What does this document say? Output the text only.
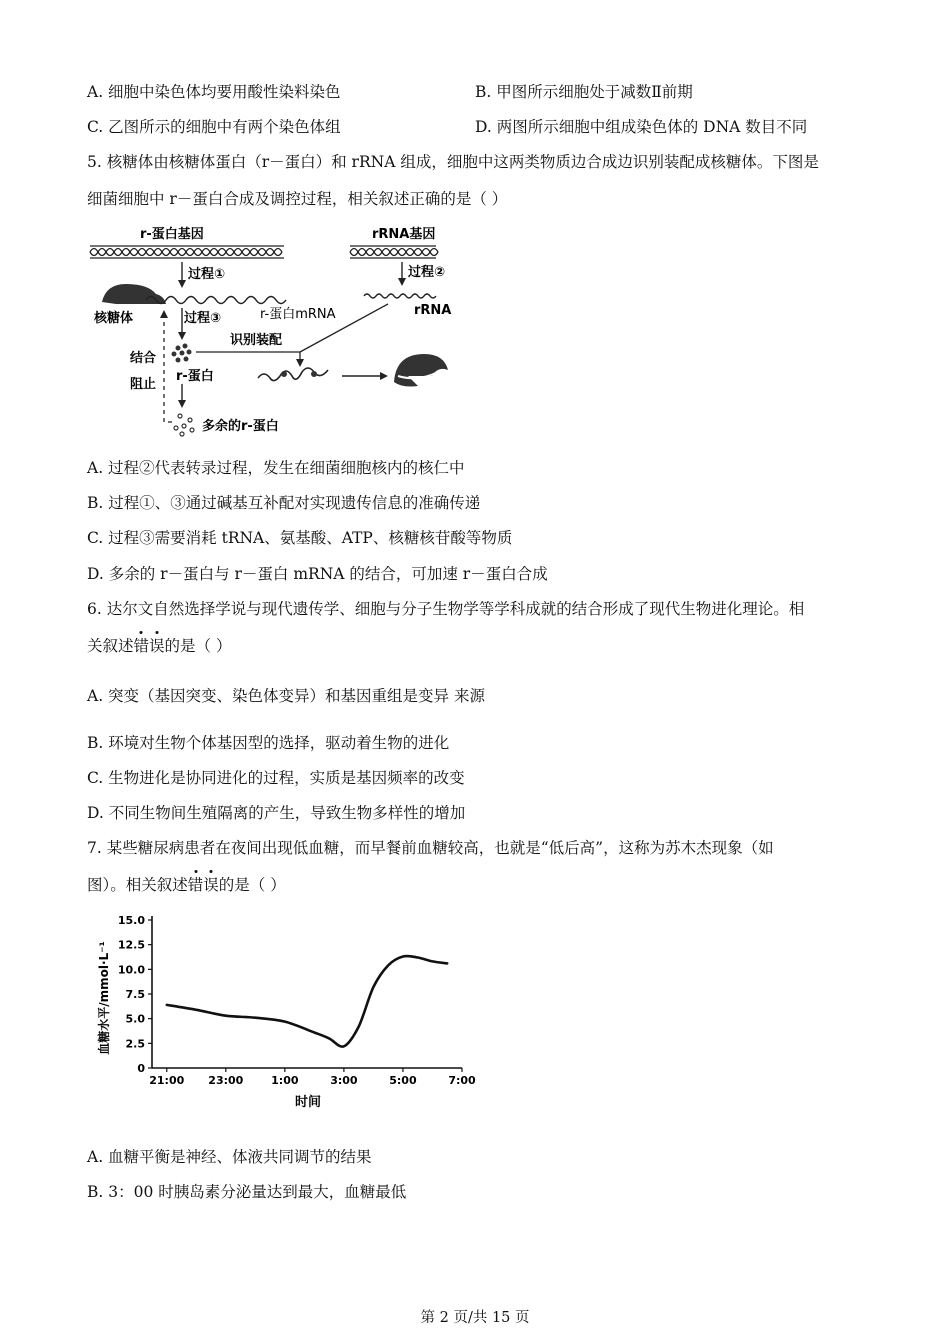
A. 细胞中染色体均要用酸性染料染色	B. 甲图所示细胞处于减数Ⅱ前期
C. 乙图所示的细胞中有两个染色体组	D. 两图所示细胞中组成染色体的 DNA 数目不同
5. 核糖体由核糖体蛋白（r－蛋白）和 rRNA 组成，细胞中这两类物质边合成边识别装配成核糖体。下图是
细菌细胞中 r－蛋白合成及调控过程，相关叙述正确的是（ ）
r-蛋白基因
过程①
rRNA基因
过程②
rRNA
核糖体	r-蛋白mRNA
过程③
结合
阻止
识别装配
r-蛋白
多余的r-蛋白
A. 过程②代表转录过程，发生在细菌细胞核内的核仁中
B. 过程①、③通过碱基互补配对实现遗传信息的准确传递
C. 过程③需要消耗 tRNA、氨基酸、ATP、核糖核苷酸等物质
D. 多余的 r－蛋白与 r－蛋白 mRNA 的结合，可加速 r－蛋白合成
6. 达尔文自然选择学说与现代遗传学、细胞与分子生物学等学科成就的结合形成了现代生物进化理论。相
关叙述错误的是（ ）
A. 突变（基因突变、染色体变异）和基因重组是变异 来源
B. 环境对生物个体基因型的选择，驱动着生物的进化
C. 生物进化是协同进化的过程，实质是基因频率的改变
D. 不同生物间生殖隔离的产生，导致生物多样性的增加
7. 某些糖尿病患者在夜间出现低血糖，而早餐前血糖较高，也就是“低后高”，这称为苏木杰现象（如
图）。相关叙述错误的是（ ）
0
2.5
5.0
7.5
10.0
12.5
15.0
21:00 23:00	1:00	3:00	5:00	7:00
血糖水平/mmol·L⁻¹
时间
A. 血糖平衡是神经、体液共同调节的结果
B. 3：00 时胰岛素分泌量达到最大，血糖最低
第 2 页/共 15 页
